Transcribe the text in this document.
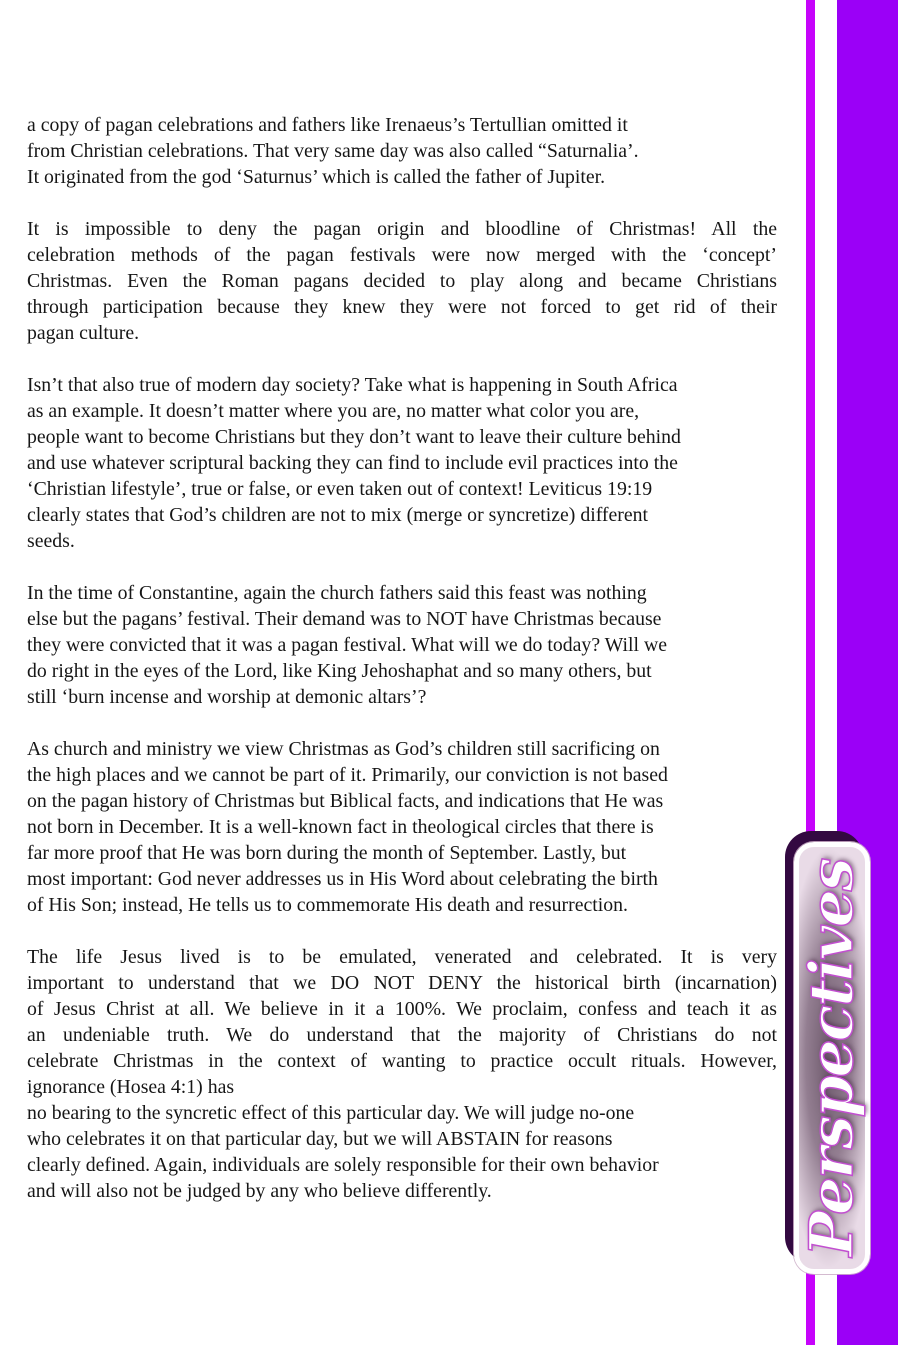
a copy of pagan celebrations and fathers like Irenaeus’s Tertullian omitted it
from Christian celebrations. That very same day was also called “Saturnalia’.
It originated from the god ‘Saturnus’ which is called the father of Jupiter.
It is impossible to deny the pagan origin and bloodline of Christmas! All the
celebration methods of the pagan festivals were now merged with the ‘concept’
Christmas. Even the Roman pagans decided to play along and became Christians
through participation because they knew they were not forced to get rid of their
pagan culture.
Isn’t that also true of modern day society? Take what is happening in South Africa
as an example. It doesn’t matter where you are, no matter what color you are,
people want to become Christians but they don’t want to leave their culture behind
and use whatever scriptural backing they can find to include evil practices into the
‘Christian lifestyle’, true or false, or even taken out of context! Leviticus 19:19
clearly states that God’s children are not to mix (merge or syncretize) different
seeds.
In the time of Constantine, again the church fathers said this feast was nothing
else but the pagans’ festival. Their demand was to NOT have Christmas because
they were convicted that it was a pagan festival. What will we do today? Will we
do right in the eyes of the Lord, like King Jehoshaphat and so many others, but
still ‘burn incense and worship at demonic altars’?
As church and ministry we view Christmas as God’s children still sacrificing on
the high places and we cannot be part of it. Primarily, our conviction is not based
on the pagan history of Christmas but Biblical facts, and indications that He was
not born in December. It is a well-known fact in theological circles that there is
far more proof that He was born during the month of September. Lastly, but
most important: God never addresses us in His Word about celebrating the birth
of His Son; instead, He tells us to commemorate His death and resurrection.
The life Jesus lived is to be emulated, venerated and celebrated. It is very
important to understand that we DO NOT DENY the historical birth (incarnation)
of Jesus Christ at all. We believe in it a 100%. We proclaim, confess and teach it as
an undeniable truth. We do understand that the majority of Christians do not
celebrate Christmas in the context of wanting to practice occult rituals. However,
ignorance (Hosea 4:1) has
no bearing to the syncretic effect of this particular day. We will judge no-one
who celebrates it on that particular day, but we will ABSTAIN for reasons
clearly defined. Again, individuals are solely responsible for their own behavior
and will also not be judged by any who believe differently.	Perspectives
